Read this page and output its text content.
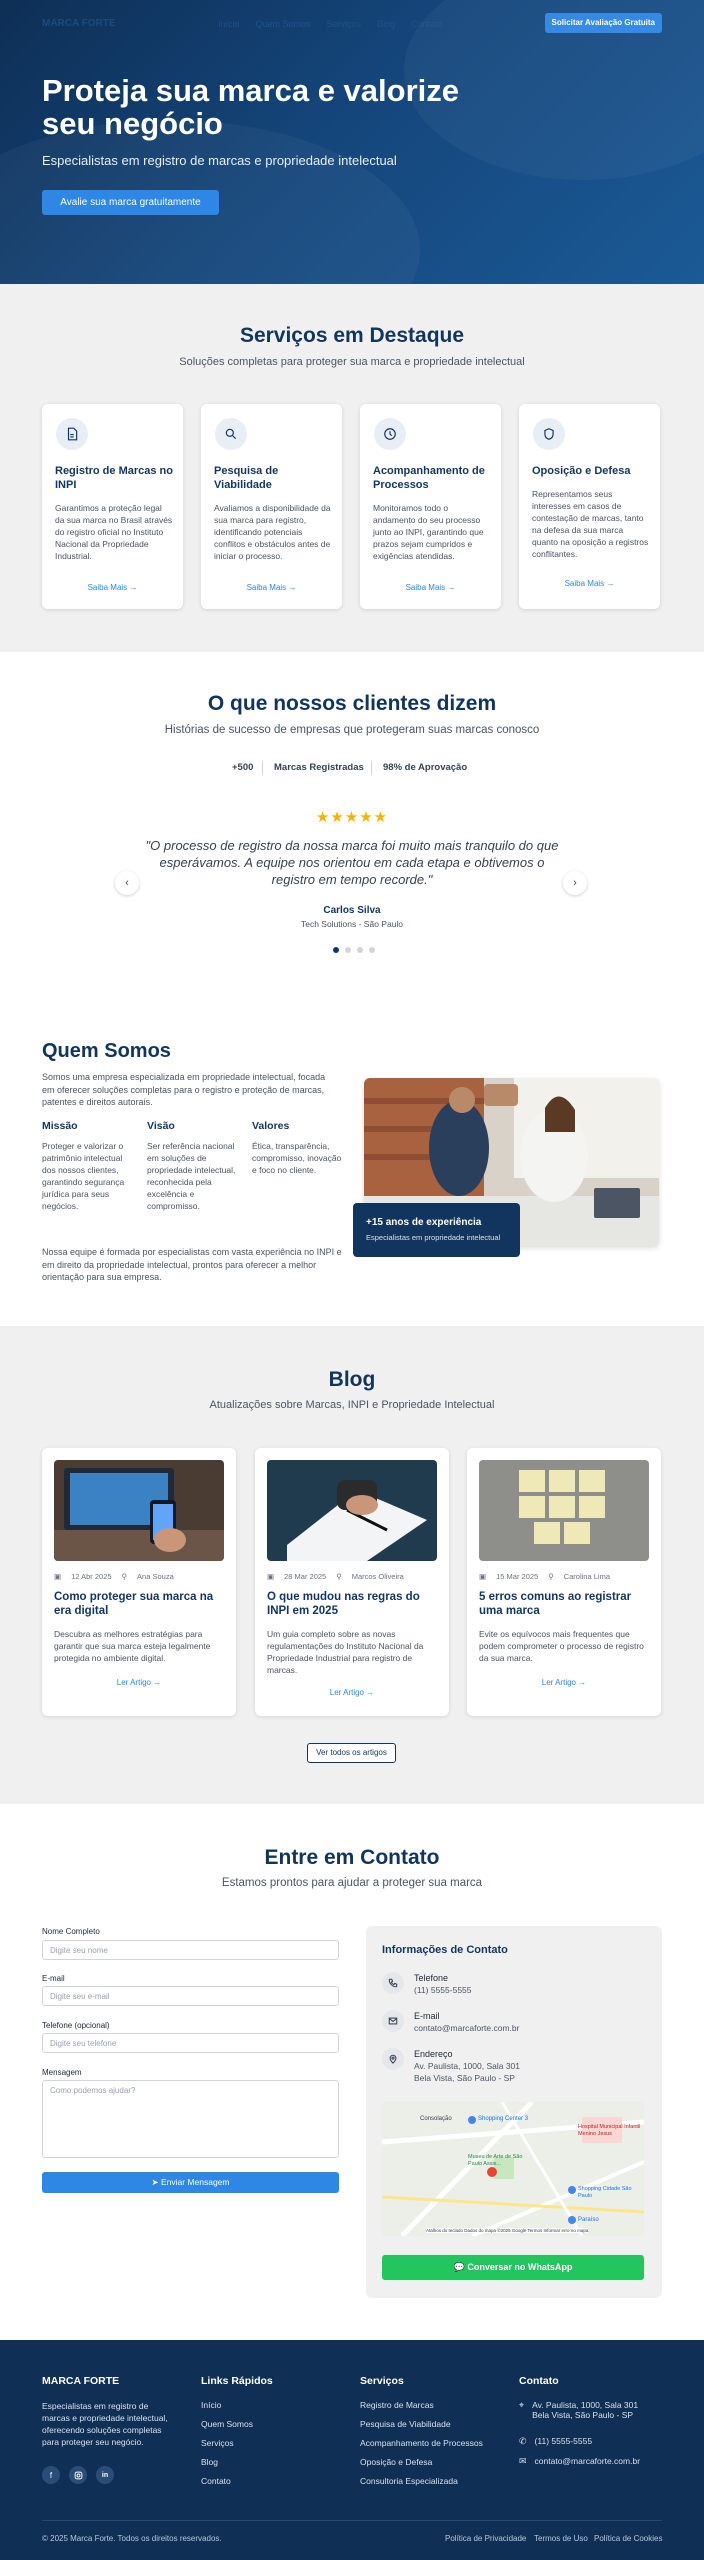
MARCA FORTE	Início Quem Somos Serviços Blog Contato	Solicitar Avaliação Gratuita
Proteja sua marca e valorize seu negócio
Especialistas em registro de marcas e propriedade intelectual
Avalie sua marca gratuitamente
Serviços em Destaque
Soluções completas para proteger sua marca e propriedade intelectual
Registro de Marcas no INPI

Garantimos a proteção legal da sua marca no Brasil através do registro oficial no Instituto Nacional da Propriedade Industrial.

Saiba Mais →
Pesquisa de Viabilidade

Avaliamos a disponibilidade da sua marca para registro, identificando potenciais conflitos e obstáculos antes de iniciar o processo.

Saiba Mais →
Acompanhamento de Processos

Monitoramos todo o andamento do seu processo junto ao INPI, garantindo que prazos sejam cumpridos e exigências atendidas.

Saiba Mais →
Oposição e Defesa

Representamos seus interesses em casos de contestação de marcas, tanto na defesa da sua marca quanto na oposição a registros conflitantes.

Saiba Mais →
O que nossos clientes dizem
Histórias de sucesso de empresas que protegeram suas marcas conosco
+500 Marcas Registradas 98% de Aprovação
★★★★★
"O processo de registro da nossa marca foi muito mais tranquilo do que esperávamos. A equipe nos orientou em cada etapa e obtivemos o registro em tempo recorde."
‹	›
Carlos Silva
Tech Solutions - São Paulo
Quem Somos
Somos uma empresa especializada em propriedade intelectual, focada em oferecer soluções completas para o registro e proteção de marcas, patentes e direitos autorais.
Missão

Proteger e valorizar o patrimônio intelectual dos nossos clientes, garantindo segurança jurídica para seus negócios.

Visão

Ser referência nacional em soluções de propriedade intelectual, reconhecida pela excelência e compromisso.

Valores

Ética, transparência, compromisso, inovação e foco no cliente.

Nossa equipe é formada por especialistas com vasta experiência no INPI e em direito da propriedade intelectual, prontos para oferecer a melhor orientação para sua empresa.
+15 anos de experiência
Especialistas em propriedade intelectual
Blog
Atualizações sobre Marcas, INPI e Propriedade Intelectual
▣ 12 Abr 2025 ⚲ Ana Souza
Como proteger sua marca na era digital

Descubra as melhores estratégias para garantir que sua marca esteja legalmente protegida no ambiente digital.

Ler Artigo →
▣ 28 Mar 2025 ⚲ Marcos Oliveira
O que mudou nas regras do INPI em 2025

Um guia completo sobre as novas regulamentações do Instituto Nacional da Propriedade Industrial para registro de marcas.

Ler Artigo →
▣ 15 Mar 2025 ⚲ Carolina Lima
5 erros comuns ao registrar uma marca

Evite os equívocos mais frequentes que podem comprometer o processo de registro da sua marca.

Ler Artigo →
Ver todos os artigos
Entre em Contato
Estamos prontos para ajudar a proteger sua marca
Nome Completo
Digite seu nome
E-mail
Digite seu e-mail
Telefone (opcional)
Digite seu telefone
Mensagem
Como podemos ajudar?
➤ Enviar Mensagem
Informações de Contato
Telefone
(11) 5555-5555
E-mail
contato@marcaforte.com.br
Endereço
Av. Paulista, 1000, Sala 301
Bela Vista, São Paulo - SP
Consolação	Shopping Center 3
Hospital Municipal Infantil Menino Jesus
Museu de Arte de São Paulo Assis...
Shopping Cidade São Paulo
Paraíso
Atalhos do teclado Dados do mapa ©2025 Google Termos Informar erro no mapa
💬 Conversar no WhatsApp
MARCA FORTE
Especialistas em registro de marcas e propriedade intelectual, oferecendo soluções completas para proteger seu negócio.
f	in
Links Rápidos
Início
Quem Somos
Serviços
Blog
Contato
Serviços
Registro de Marcas
Pesquisa de Viabilidade
Acompanhamento de Processos
Oposição e Defesa
Consultoria Especializada
Contato
⌖ Av. Paulista, 1000, Sala 301
Bela Vista, São Paulo - SP
✆ (11) 5555-5555
✉ contato@marcaforte.com.br
© 2025 Marca Forte. Todos os direitos reservados.	Política de Privacidade Termos de Uso Política de Cookies
